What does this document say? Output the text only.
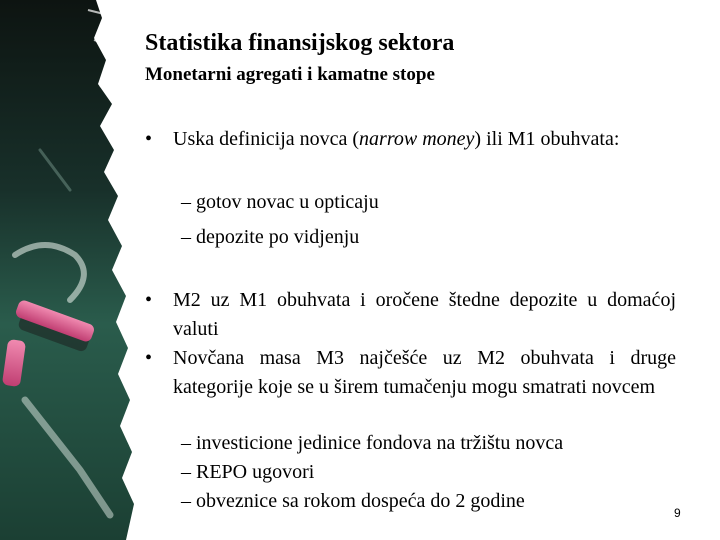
Statistika finansijskog sektora
Monetarni agregati i kamatne stope
• Uska definicija novca (narrow money) ili M1 obuhvata:
– gotov novac u opticaju
– depozite po vidjenju
• M2 uz M1 obuhvata i oročene štedne depozite u domaćoj valuti
• Novčana masa M3 najčešće uz M2 obuhvata i druge kategorije koje se u širem tumačenju mogu smatrati novcem
– investicione jedinice fondova na tržištu novca
– REPO ugovori
– obveznice sa rokom dospeća do 2 godine
9
